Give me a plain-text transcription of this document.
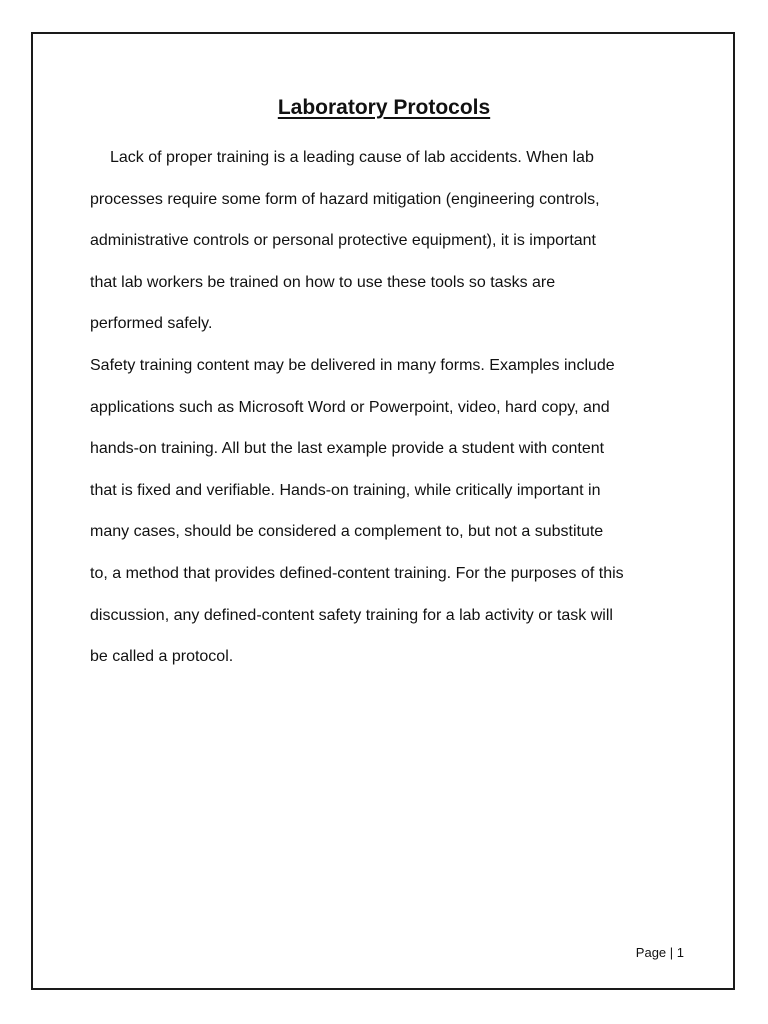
Laboratory Protocols
Lack of proper training is a leading cause of lab accidents. When lab
processes require some form of hazard mitigation (engineering controls,
administrative controls or personal protective equipment), it is important
that lab workers be trained on how to use these tools so tasks are
performed safely.
Safety training content may be delivered in many forms. Examples include
applications such as Microsoft Word or Powerpoint, video, hard copy, and
hands-on training. All but the last example provide a student with content
that is fixed and verifiable. Hands-on training, while critically important in
many cases, should be considered a complement to, but not a substitute
to, a method that provides defined-content training. For the purposes of this
discussion, any defined-content safety training for a lab activity or task will
be called a protocol.
Page | 1
